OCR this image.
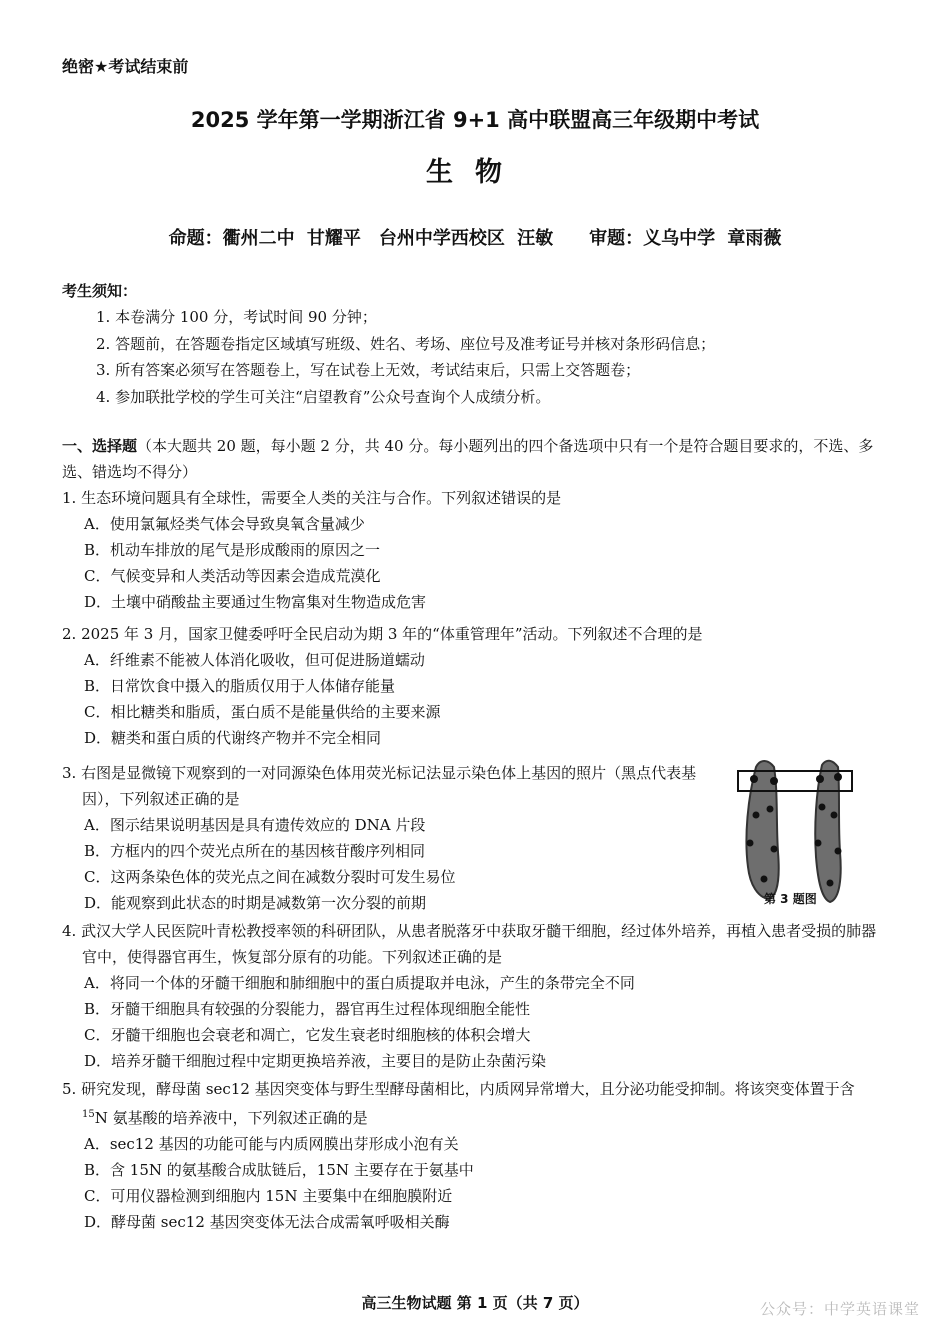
绝密★考试结束前
2025 学年第一学期浙江省 9+1 高中联盟高三年级期中考试
生物
命题：衢州二中 甘耀平　台州中学西校区 汪敏　　审题：义乌中学 章雨薇
考生须知：
1. 本卷满分 100 分，考试时间 90 分钟；
2. 答题前，在答题卷指定区域填写班级、姓名、考场、座位号及准考证号并核对条形码信息；
3. 所有答案必须写在答题卷上，写在试卷上无效，考试结束后，只需上交答题卷；
4. 参加联批学校的学生可关注“启望教育”公众号查询个人成绩分析。
一、选择题（本大题共 20 题，每小题 2 分，共 40 分。每小题列出的四个备选项中只有一个是符合题目要求的，不选、多选、错选均不得分）
1. 生态环境问题具有全球性，需要全人类的关注与合作。下列叙述错误的是
A．使用氯氟烃类气体会导致臭氧含量减少
B．机动车排放的尾气是形成酸雨的原因之一
C．气候变异和人类活动等因素会造成荒漠化
D．土壤中硝酸盐主要通过生物富集对生物造成危害
2. 2025 年 3 月，国家卫健委呼吁全民启动为期 3 年的“体重管理年”活动。下列叙述不合理的是
A．纤维素不能被人体消化吸收，但可促进肠道蠕动
B．日常饮食中摄入的脂质仅用于人体储存能量
C．相比糖类和脂质，蛋白质不是能量供给的主要来源
D．糖类和蛋白质的代谢终产物并不完全相同
3. 右图是显微镜下观察到的一对同源染色体用荧光标记法显示染色体上基因的照片（黑点代表基因），下列叙述正确的是
A．图示结果说明基因是具有遗传效应的 DNA 片段
B．方框内的四个荧光点所在的基因核苷酸序列相同
C．这两条染色体的荧光点之间在减数分裂时可发生易位
D．能观察到此状态的时期是减数第一次分裂的前期	第 3 题图
4. 武汉大学人民医院叶青松教授率领的科研团队，从患者脱落牙中获取牙髓干细胞，经过体外培养，再植入患者受损的肺器官中，使得器官再生，恢复部分原有的功能。下列叙述正确的是
A．将同一个体的牙髓干细胞和肺细胞中的蛋白质提取并电泳，产生的条带完全不同
B．牙髓干细胞具有较强的分裂能力，器官再生过程体现细胞全能性
C．牙髓干细胞也会衰老和凋亡，它发生衰老时细胞核的体积会增大
D．培养牙髓干细胞过程中定期更换培养液，主要目的是防止杂菌污染
5. 研究发现，酵母菌 sec12 基因突变体与野生型酵母菌相比，内质网异常增大，且分泌功能受抑制。将该突变体置于含 $^{15}$N 氨基酸的培养液中，下列叙述正确的是
A．sec12 基因的功能可能与内质网膜出芽形成小泡有关
B．含 15N 的氨基酸合成肽链后，15N 主要存在于氨基中
C．可用仪器检测到细胞内 15N 主要集中在细胞膜附近
D．酵母菌 sec12 基因突变体无法合成需氧呼吸相关酶
高三生物试题 第 1 页（共 7 页）	公众号：中学英语课堂
